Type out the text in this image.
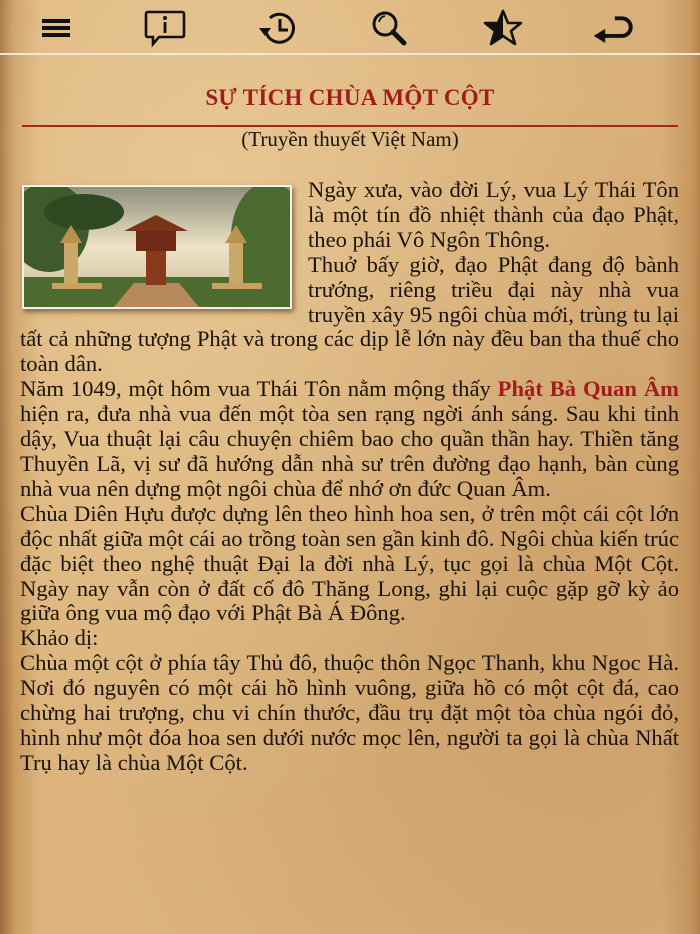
SỰ TÍCH CHÙA MỘT CỘT
(Truyền thuyết Việt Nam)

Ngày xưa, vào đời Lý, vua Lý Thái Tôn là một tín đồ nhiệt thành của đạo Phật, theo phái Vô Ngôn Thông.

Thuở bấy giờ, đạo Phật đang độ bành trướng, riêng triều đại này nhà vua truyền xây 95 ngôi chùa mới, trùng tu lại tất cả những tượng Phật và trong các dịp lễ lớn này đều ban tha thuế cho toàn dân.

Năm 1049, một hôm vua Thái Tôn nằm mộng thấy Phật Bà Quan Âm hiện ra, đưa nhà vua đến một tòa sen rạng ngời ánh sáng. Sau khi tỉnh dậy, Vua thuật lại câu chuyện chiêm bao cho quần thần hay. Thiền tăng Thuyền Lã, vị sư đã hướng dẫn nhà sư trên đường đạo hạnh, bàn cùng nhà vua nên dựng một ngôi chùa để nhớ ơn đức Quan Âm.

Chùa Diên Hựu được dựng lên theo hình hoa sen, ở trên một cái cột lớn độc nhất giữa một cái ao trồng toàn sen gần kinh đô. Ngôi chùa kiến trúc đặc biệt theo nghệ thuật Đại la đời nhà Lý, tục gọi là chùa Một Cột. Ngày nay vẫn còn ở đất cố đô Thăng Long, ghi lại cuộc gặp gỡ kỳ ảo giữa ông vua mộ đạo với Phật Bà Á Đông.

Khảo dị:

Chùa một cột ở phía tây Thủ đô, thuộc thôn Ngọc Thanh, khu Ngoc Hà. Nơi đó nguyên có một cái hồ hình vuông, giữa hồ có một cột đá, cao chừng hai trượng, chu vi chín thước, đầu trụ đặt một tòa chùa ngói đỏ, hình như một đóa hoa sen dưới nước mọc lên, người ta gọi là chùa Nhất Trụ hay là chùa Một Cột.
